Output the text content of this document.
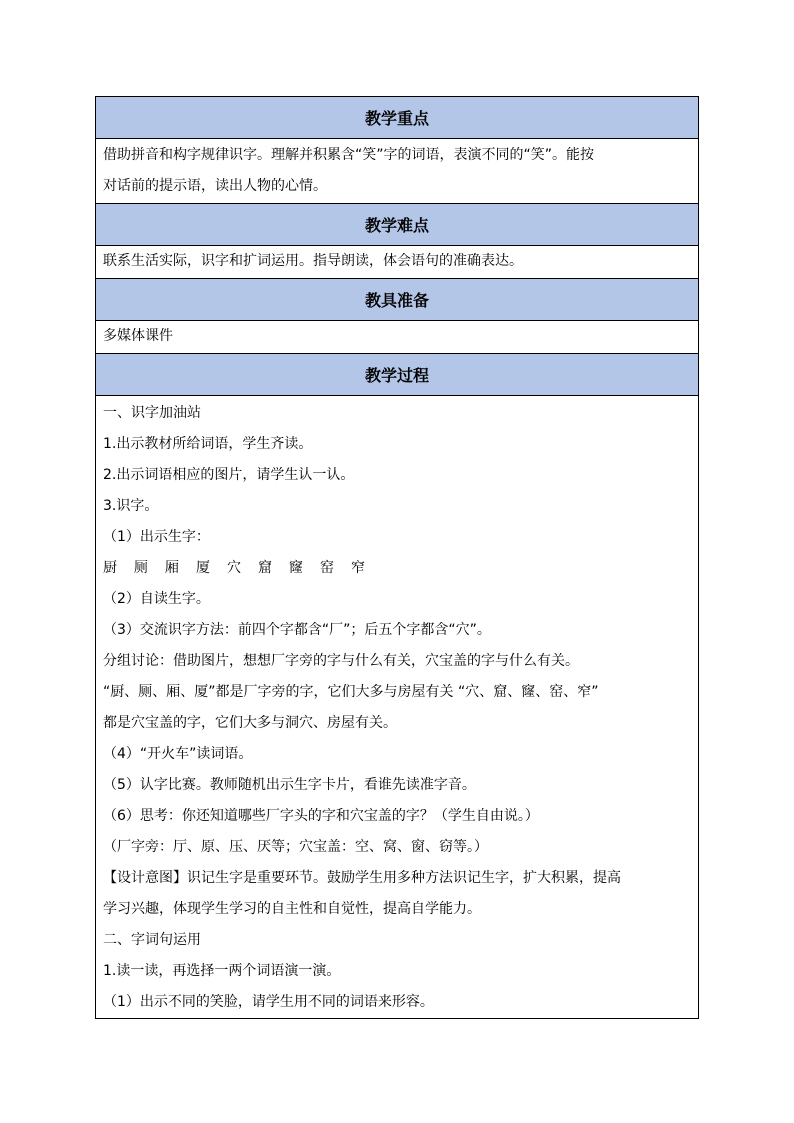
教学重点
借助拼音和构字规律识字。理解并积累含“笑”字的词语，表演不同的“笑”。能按
对话前的提示语，读出人物的心情。
教学难点
联系生活实际，识字和扩词运用。指导朗读，体会语句的准确表达。
教具准备
多媒体课件
教学过程
一、识字加油站
1.出示教材所给词语，学生齐读。
2.出示词语相应的图片，请学生认一认。
3.识字。
（1）出示生字：
厨 厕 厢 厦 穴 窟 窿 窑 窄
（2）自读生字。
（3）交流识字方法：前四个字都含“厂”；后五个字都含“穴”。
分组讨论：借助图片，想想厂字旁的字与什么有关，穴宝盖的字与什么有关。
“厨、厕、厢、厦”都是厂字旁的字，它们大多与房屋有关 “穴、窟、窿、窑、窄”
都是穴宝盖的字，它们大多与洞穴、房屋有关。
（4）“开火车”读词语。
（5）认字比赛。教师随机出示生字卡片，看谁先读准字音。
（6）思考：你还知道哪些厂字头的字和穴宝盖的字？（学生自由说。）
（厂字旁：厅、原、压、厌等；穴宝盖：空、窝、窗、窃等。）
【设计意图】识记生字是重要环节。鼓励学生用多种方法识记生字，扩大积累，提高
学习兴趣，体现学生学习的自主性和自觉性，提高自学能力。
二、字词句运用
1.读一读，再选择一两个词语演一演。
（1）出示不同的笑脸，请学生用不同的词语来形容。
